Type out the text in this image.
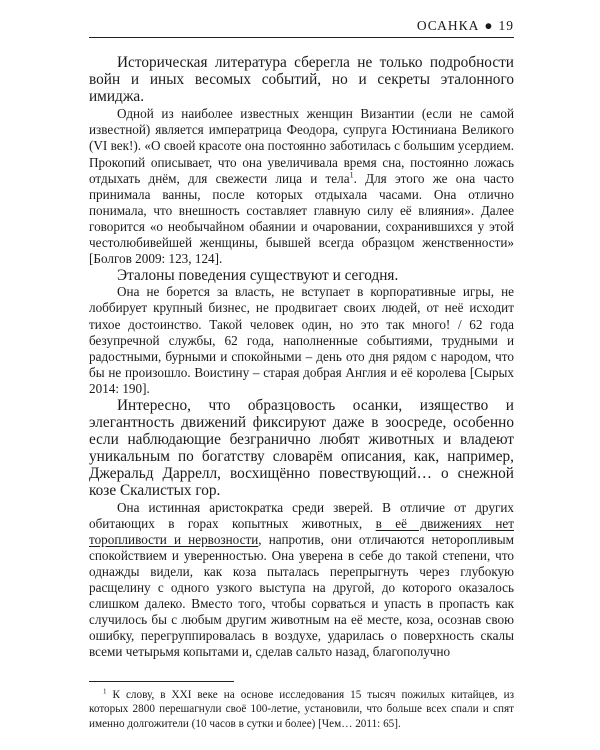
ОСАНКА ● 19

Историческая литература сберегла не только подробности войн и иных весомых событий, но и секреты эталонного имиджа.

Одной из наиболее известных женщин Византии (если не самой известной) является императрица Феодора, супруга Юстиниана Великого (VI век!). «О своей красоте она постоянно заботилась с большим усердием. Прокопий описывает, что она увеличивала время сна, постоянно ложась отдыхать днём, для свежести лица и тела$^1$. Для этого же она часто принимала ванны, после которых отдыхала часами. Она отлично понимала, что внешность составляет главную силу её влияния». Далее говорится «о необычайном обаянии и очаровании, сохранившихся у этой честолюбивейшей женщины, бывшей всегда образцом женственности» [Болгов 2009: 123, 124].

Эталоны поведения существуют и сегодня.

Она не борется за власть, не вступает в корпоративные игры, не лоббирует крупный бизнес, не продвигает своих людей, от неё исходит тихое достоинство. Такой человек один, но это так много! / 62 года безупречной службы, 62 года, наполненные событиями, трудными и радостными, бурными и спокойными – день ото дня рядом с народом, что бы не произошло. Воистину – старая добрая Англия и её королева [Сырых 2014: 190].

Интересно, что образцовость осанки, изящество и элегантность движений фиксируют даже в зоосреде, особенно если наблюдающие безгранично любят животных и владеют уникальным по богатству словарём описания, как, например, Джеральд Даррелл, восхищённо повествующий… о снежной козе Скалистых гор.

Она истинная аристократка среди зверей. В отличие от других обитающих в горах копытных животных, в её движениях нет торопливости и нервозности, напротив, они отличаются неторопливым спокойствием и уверенностью. Она уверена в себе до такой степени, что однажды видели, как коза пыталась перепрыгнуть через глубокую расщелину с одного узкого выступа на другой, до которого оказалось слишком далеко. Вместо того, чтобы сорваться и упасть в пропасть как случилось бы с любым другим животным на её месте, коза, осознав свою ошибку, перегруппировалась в воздухе, ударилась о поверхность скалы всеми четырьмя копытами и, сделав сальто назад, благополучно

$^1$ К слову, в XXI веке на основе исследования 15 тысяч пожилых китайцев, из которых 2800 перешагнули своё 100-летие, установили, что больше всех спали и спят именно долгожители (10 часов в сутки и более) [Чем… 2011: 65].
